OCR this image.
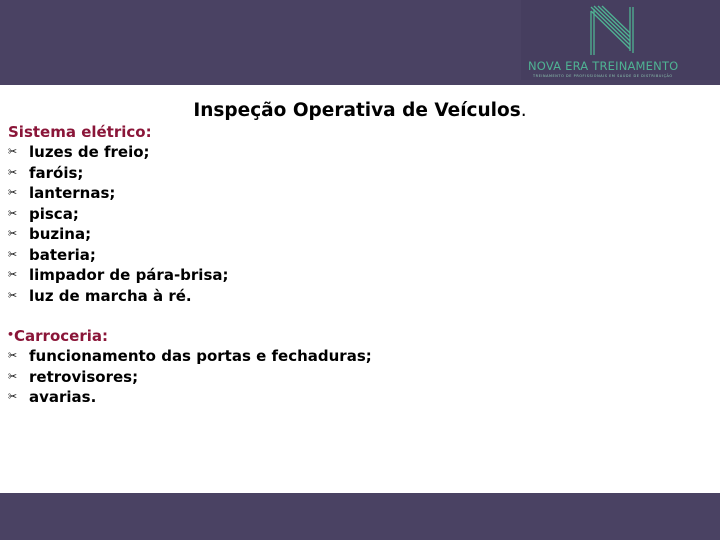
NOVA ERA TREINAMENTO
TREINAMENTO DE PROFISSIONAIS EM SAÚDE DE DISTRIBUIÇÃO
Inspeção Operativa de Veículos.
Sistema elétrico:
✂ luzes de freio;
✂ faróis;
✂ lanternas;
✂ pisca;
✂ buzina;
✂ bateria;
✂ limpador de pára-brisa;
✂ luz de marcha à ré.
•Carroceria:
✂ funcionamento das portas e fechaduras;
✂ retrovisores;
✂ avarias.
